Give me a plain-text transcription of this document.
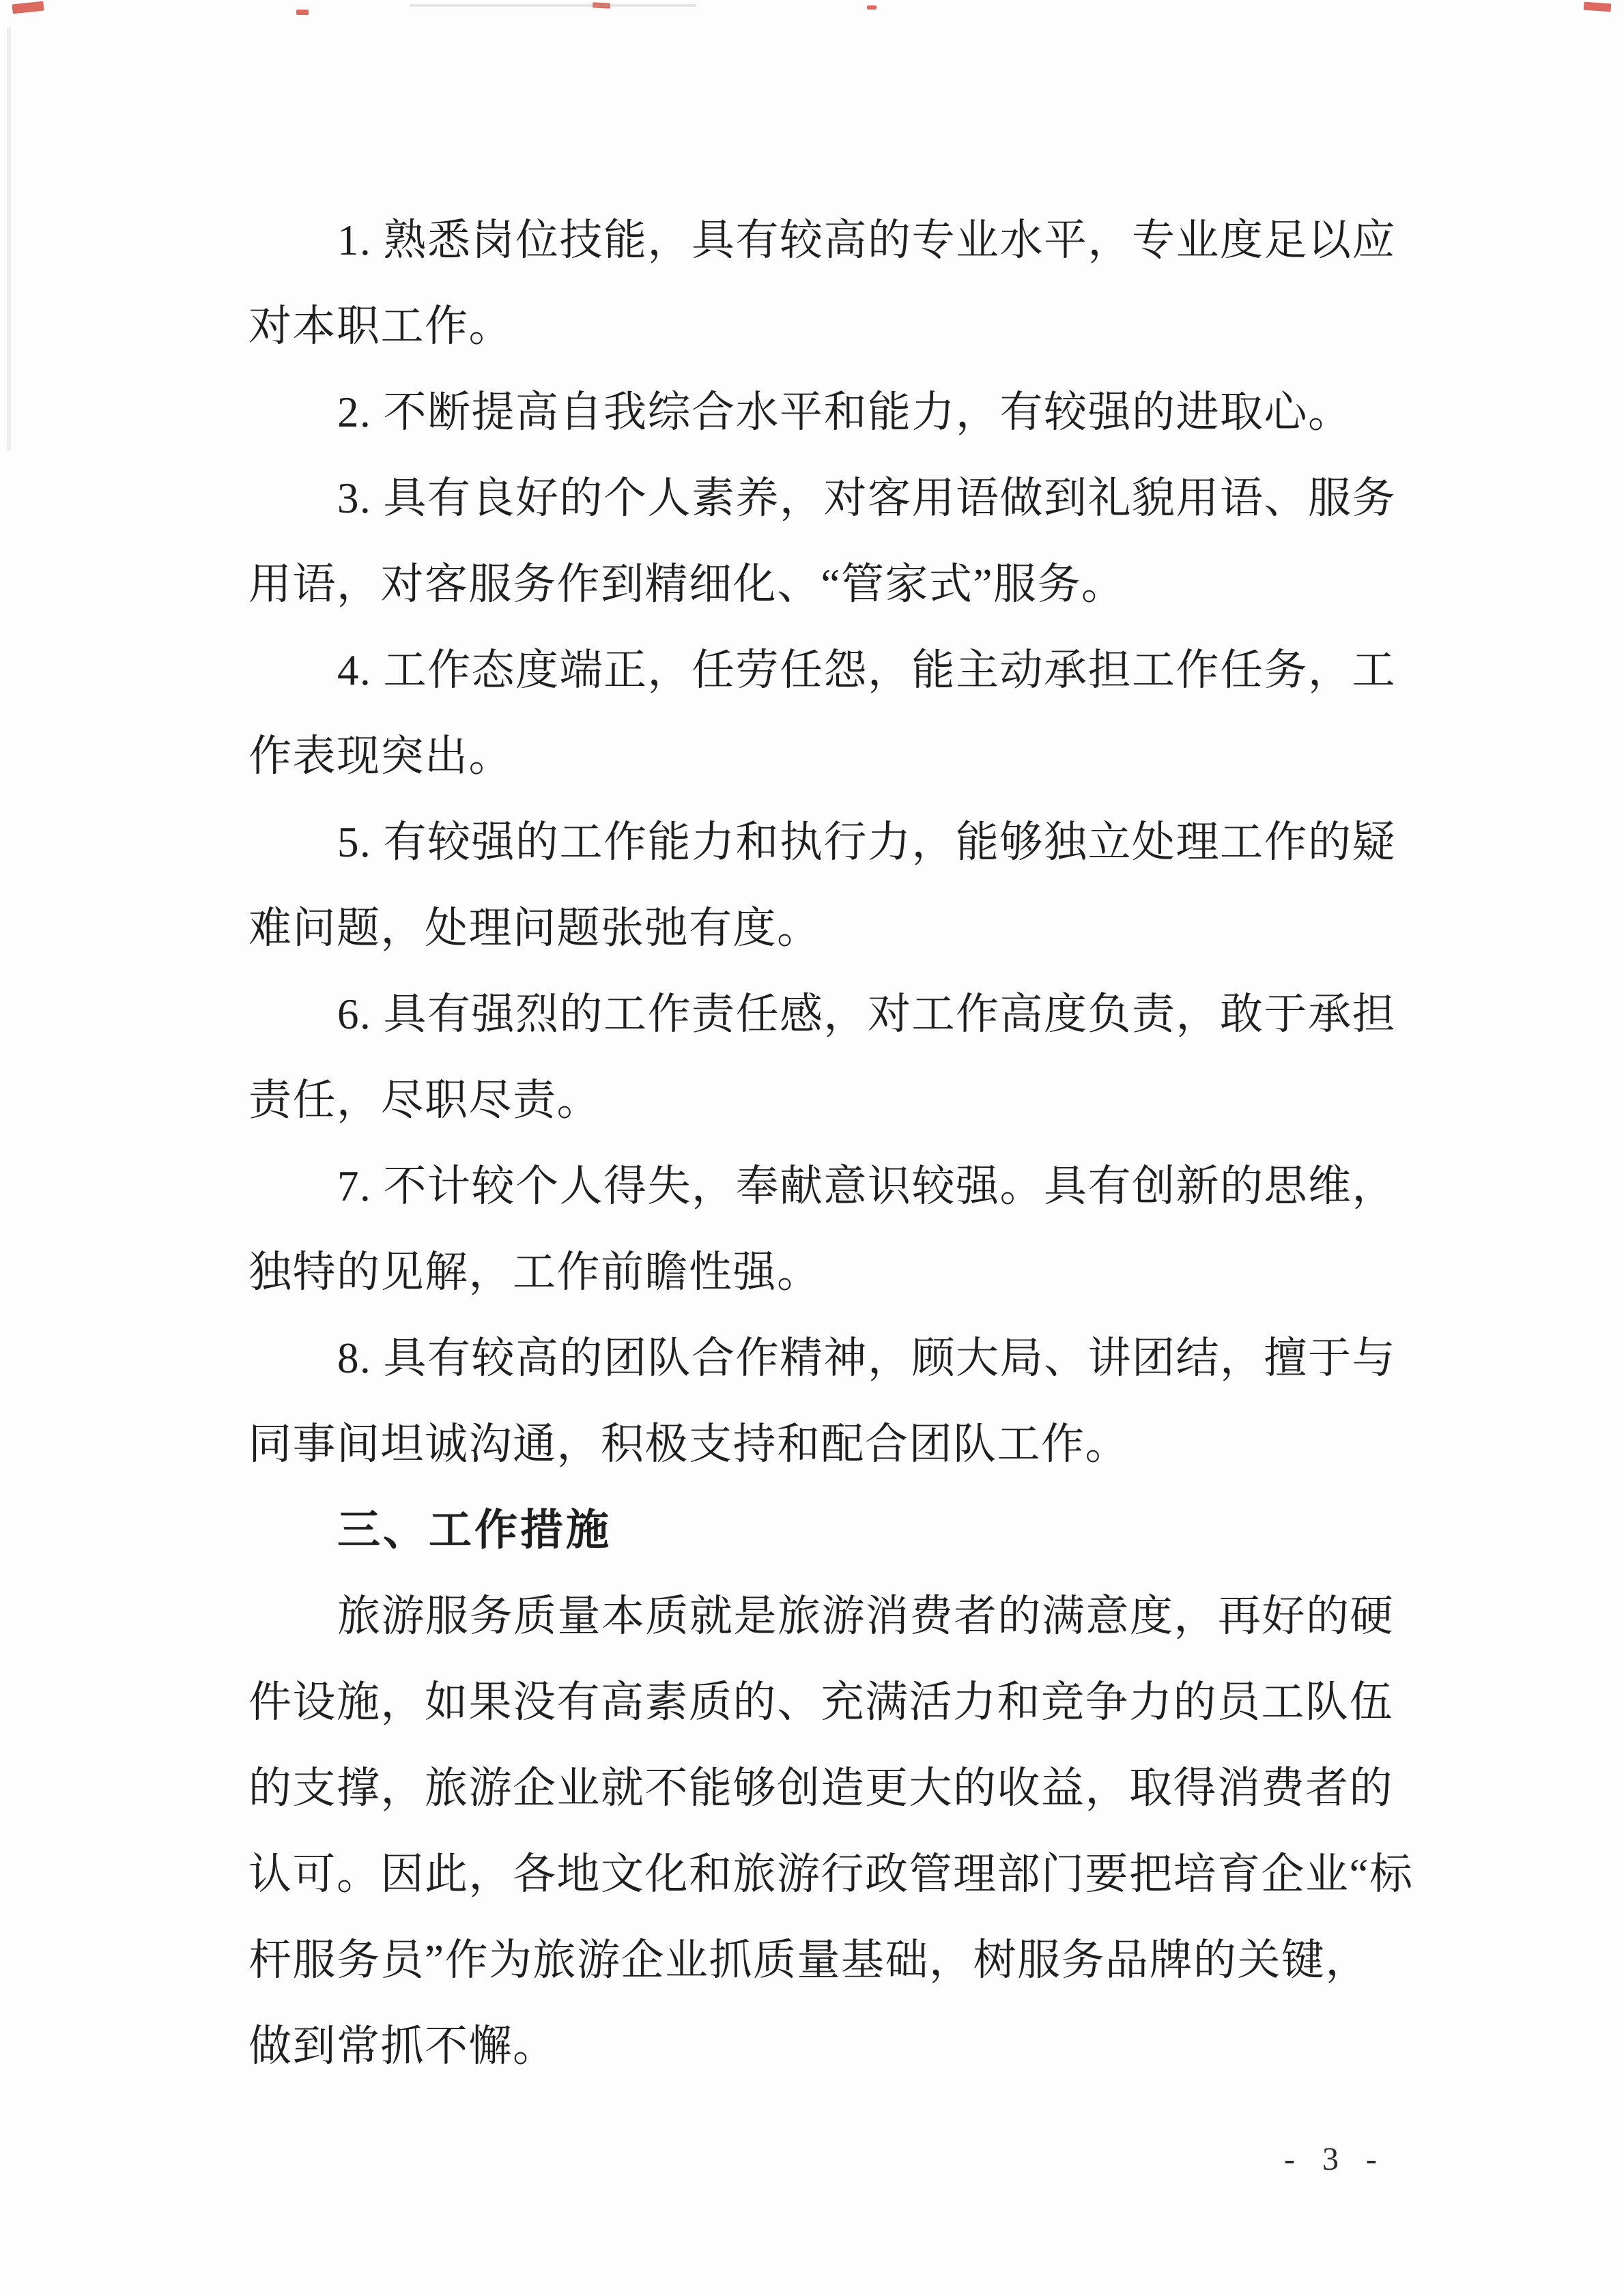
1. 熟悉岗位技能，具有较高的专业水平，专业度足以应
对本职工作。
2. 不断提高自我综合水平和能力，有较强的进取心。
3. 具有良好的个人素养，对客用语做到礼貌用语、服务
用语，对客服务作到精细化、“管家式”服务。
4. 工作态度端正，任劳任怨，能主动承担工作任务，工
作表现突出。
5. 有较强的工作能力和执行力，能够独立处理工作的疑
难问题，处理问题张弛有度。
6. 具有强烈的工作责任感，对工作高度负责，敢于承担
责任，尽职尽责。
7. 不计较个人得失，奉献意识较强。具有创新的思维，
独特的见解，工作前瞻性强。
8. 具有较高的团队合作精神，顾大局、讲团结，擅于与
同事间坦诚沟通，积极支持和配合团队工作。
三、工作措施
旅游服务质量本质就是旅游消费者的满意度，再好的硬
件设施，如果没有高素质的、充满活力和竞争力的员工队伍
的支撑，旅游企业就不能够创造更大的收益，取得消费者的
认可。因此，各地文化和旅游行政管理部门要把培育企业“标
杆服务员”作为旅游企业抓质量基础，树服务品牌的关键，
做到常抓不懈。
- 3 -
